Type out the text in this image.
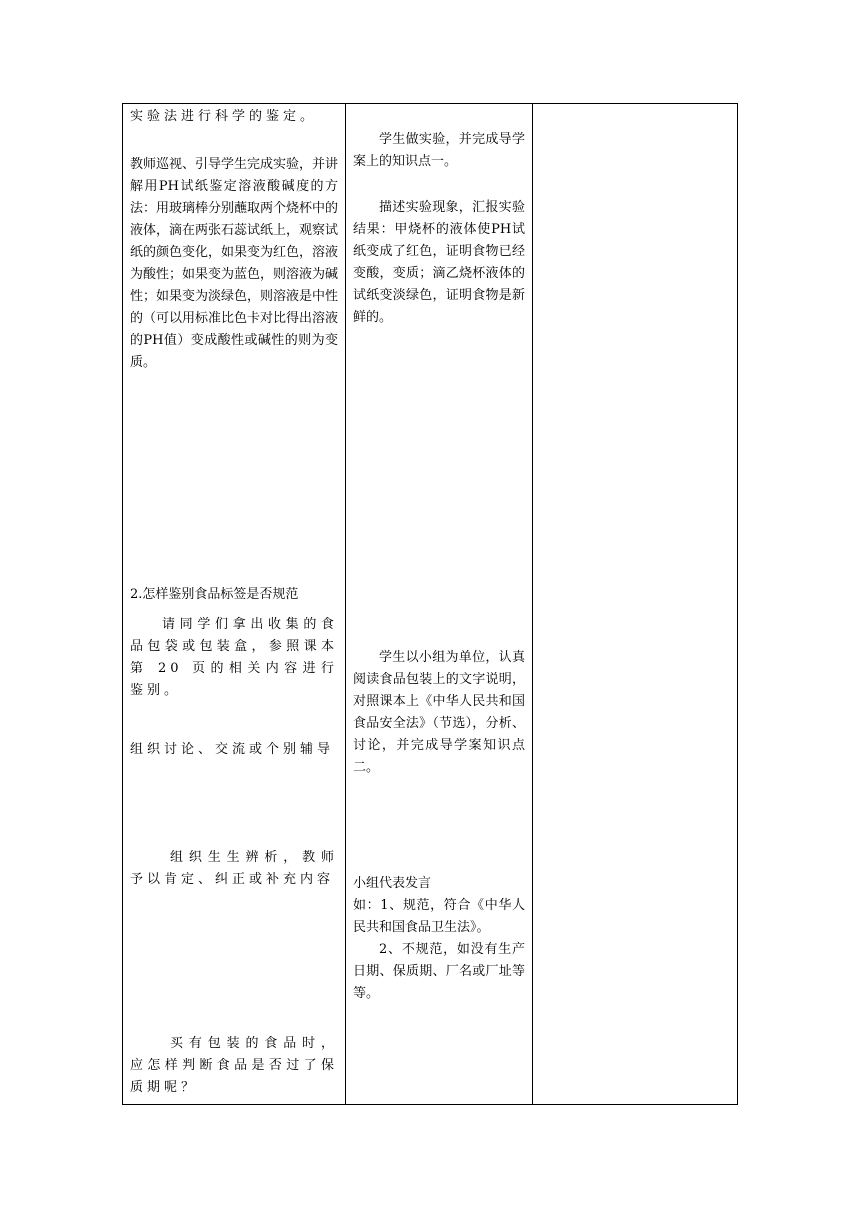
实验法进行科学的鉴定。

教师巡视、引导学生完成实验，并讲解用PH试纸鉴定溶液酸碱度的方法：用玻璃棒分别蘸取两个烧杯中的液体，滴在两张石蕊试纸上，观察试纸的颜色变化，如果变为红色，溶液为酸性；如果变为蓝色，则溶液为碱性；如果变为淡绿色，则溶液是中性的（可以用标准比色卡对比得出溶液的PH值）变成酸性或碱性的则为变质。

2.怎样鉴别食品标签是否规范

请同学们拿出收集的食品包袋或包装盒，参照课本第 20 页的相关内容进行鉴别。

组织讨论、交流或个别辅导

组织生生辨析，教师予以肯定、纠正或补充内容

买有包装的食品时，应怎样判断食品是否过了保质期呢？

学生做实验，并完成导学案上的知识点一。

描述实验现象，汇报实验结果：甲烧杯的液体使PH试纸变成了红色，证明食物已经变酸，变质；滴乙烧杯液体的试纸变淡绿色，证明食物是新鲜的。

学生以小组为单位，认真阅读食品包装上的文字说明，对照课本上《中华人民共和国食品安全法》（节选），分析、讨论，并完成导学案知识点二。

小组代表发言

如：1、规范，符合《中华人民共和国食品卫生法》。

2、不规范，如没有生产日期、保质期、厂名或厂址等等。
